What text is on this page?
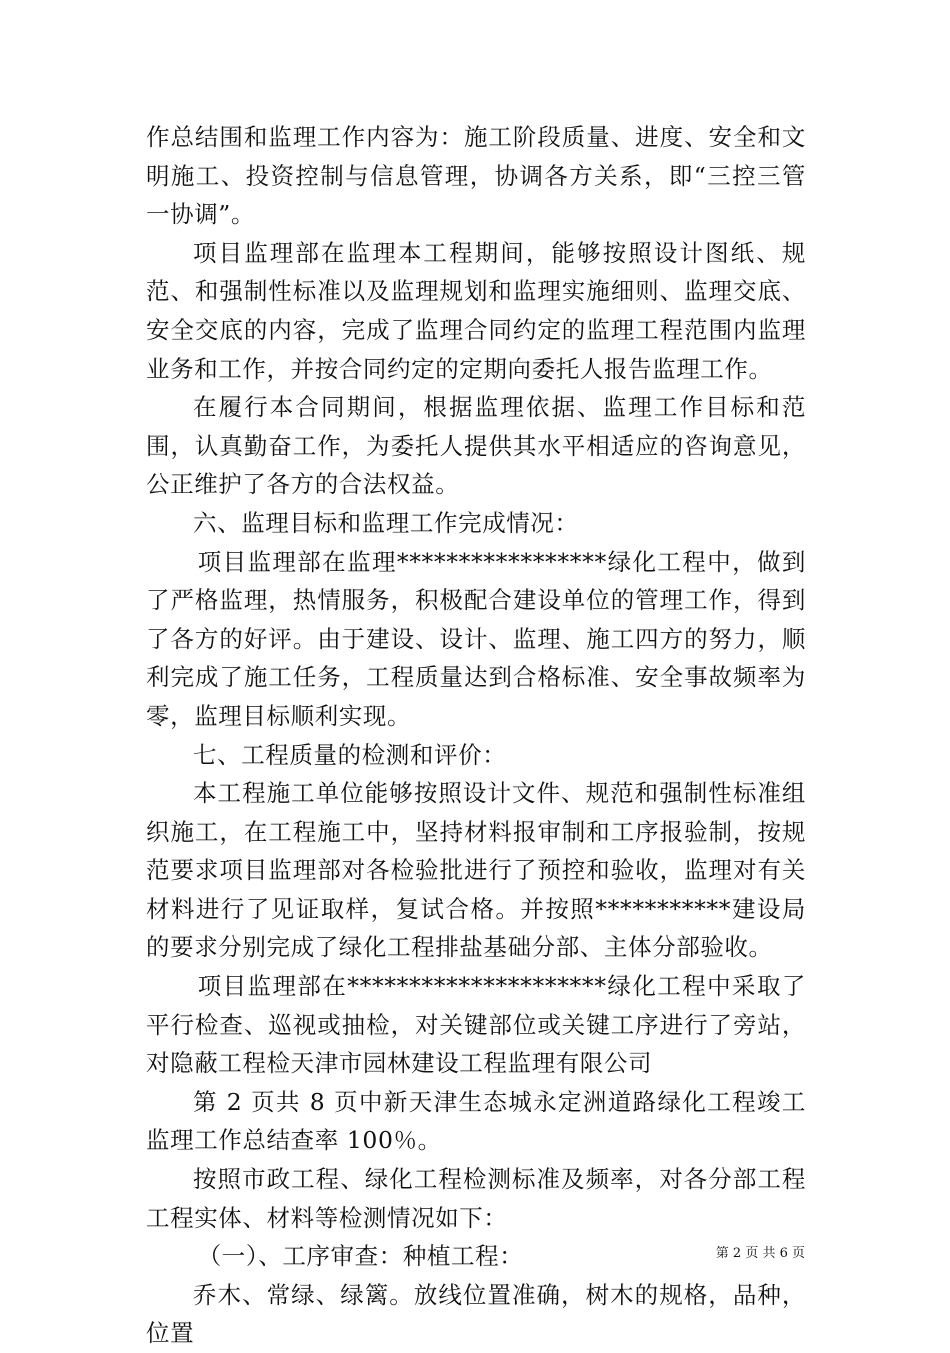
作总结围和监理工作内容为：施工阶段质量、进度、安全和文明施工、投资控制与信息管理，协调各方关系，即“三控三管一协调”。

项目监理部在监理本工程期间，能够按照设计图纸、规范、和强制性标准以及监理规划和监理实施细则、监理交底、安全交底的内容，完成了监理合同约定的监理工程范围内监理业务和工作，并按合同约定的定期向委托人报告监理工作。

在履行本合同期间，根据监理依据、监理工作目标和范围，认真勤奋工作，为委托人提供其水平相适应的咨询意见，公正维护了各方的合法权益。

六、监理目标和监理工作完成情况：

项目监理部在监理*****************绿化工程中，做到了严格监理，热情服务，积极配合建设单位的管理工作，得到了各方的好评。由于建设、设计、监理、施工四方的努力，顺利完成了施工任务，工程质量达到合格标准、安全事故频率为零，监理目标顺利实现。

七、工程质量的检测和评价：

本工程施工单位能够按照设计文件、规范和强制性标准组织施工，在工程施工中，坚持材料报审制和工序报验制，按规范要求项目监理部对各检验批进行了预控和验收，监理对有关材料进行了见证取样，复试合格。并按照***********建设局的要求分别完成了绿化工程排盐基础分部、主体分部验收。

项目监理部在*********************绿化工程中采取了平行检查、巡视或抽检，对关键部位或关键工序进行了旁站，对隐蔽工程检天津市园林建设工程监理有限公司

第 2 页共 8 页中新天津生态城永定洲道路绿化工程竣工监理工作总结查率 100％。

按照市政工程、绿化工程检测标准及频率，对各分部工程工程实体、材料等检测情况如下：

（一）、工序审查：种植工程：

乔木、常绿、绿篱。放线位置准确，树木的规格，品种，位置

第 2 页 共 6 页
